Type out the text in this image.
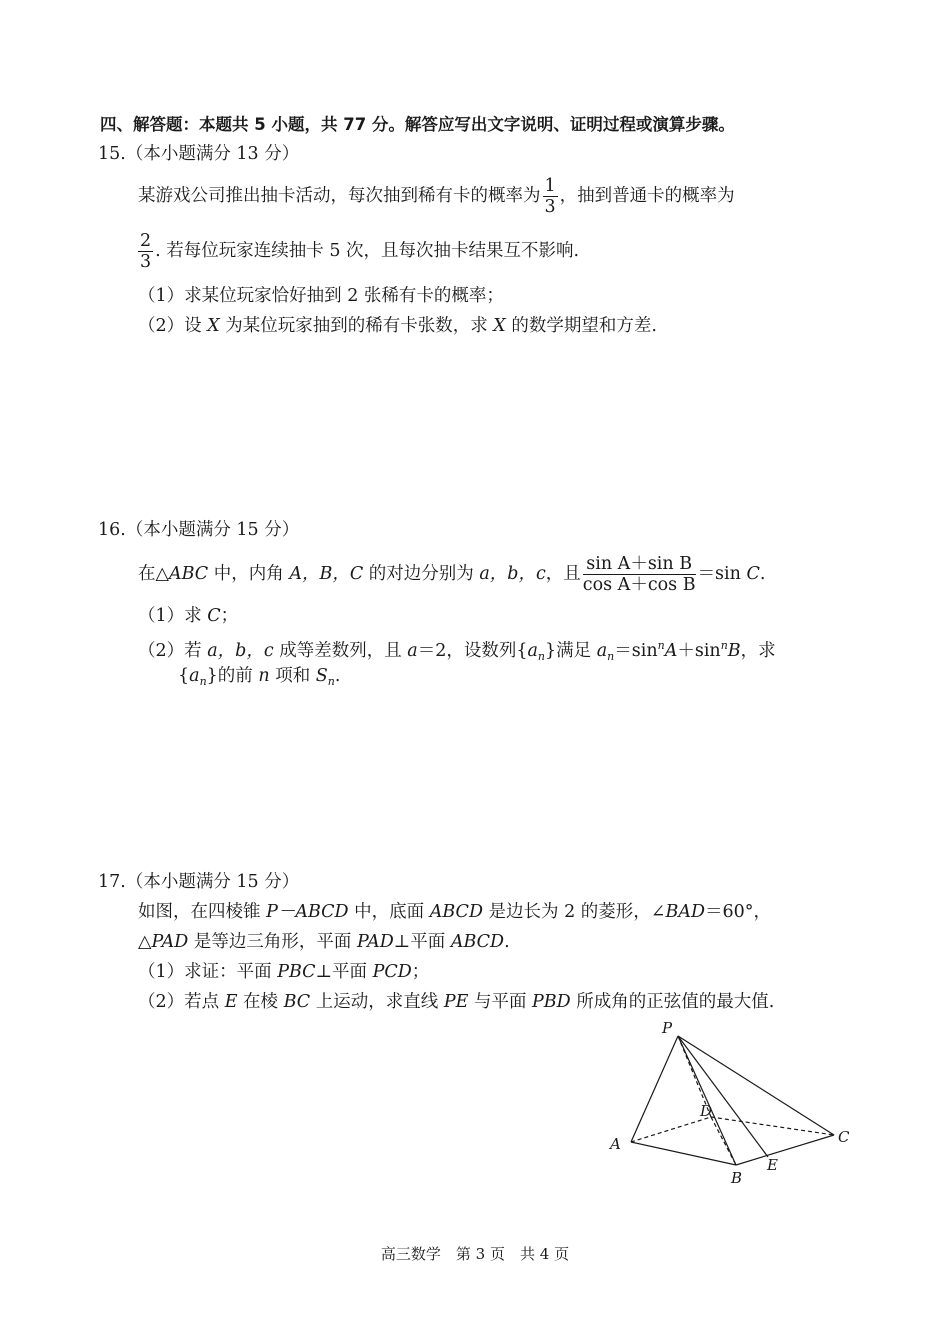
四、解答题：本题共 5 小题，共 77 分。解答应写出文字说明、证明过程或演算步骤。
15.（本小题满分 13 分）
某游戏公司推出抽卡活动，每次抽到稀有卡的概率为 $\frac{1}{3}$ ，抽到普通卡的概率为
$\frac{2}{3}$ . 若每位玩家连续抽卡 5 次，且每次抽卡结果互不影响.
（1）求某位玩家恰好抽到 2 张稀有卡的概率；
（2）设 X 为某位玩家抽到的稀有卡张数，求 X 的数学期望和方差.
16.（本小题满分 15 分）
在△ABC 中，内角 A，B，C 的对边分别为 a，b，c，且 $\frac{\text{sin A＋sin B}}{\text{cos A＋cos B}} =\sin$ C.
（1）求 C；
（2）若 a，b，c 成等差数列，且 a＝2，设数列$\{a_n\}$满足 $a_n=\sin^nA+\sin^nB$，求
$\{a_n\}$的前 n 项和 $S_n$.
17.（本小题满分 15 分）
如图，在四棱锥 P－ABCD 中，底面 ABCD 是边长为 2 的菱形，∠BAD＝60°，
△PAD 是等边三角形，平面 PAD⊥平面 ABCD.
（1）求证：平面 PBC⊥平面 PCD；
（2）若点 E 在棱 BC 上运动，求直线 PE 与平面 PBD 所成角的正弦值的最大值.
P
A
B
C
D
E
高三数学　第 3 页　共 4 页
